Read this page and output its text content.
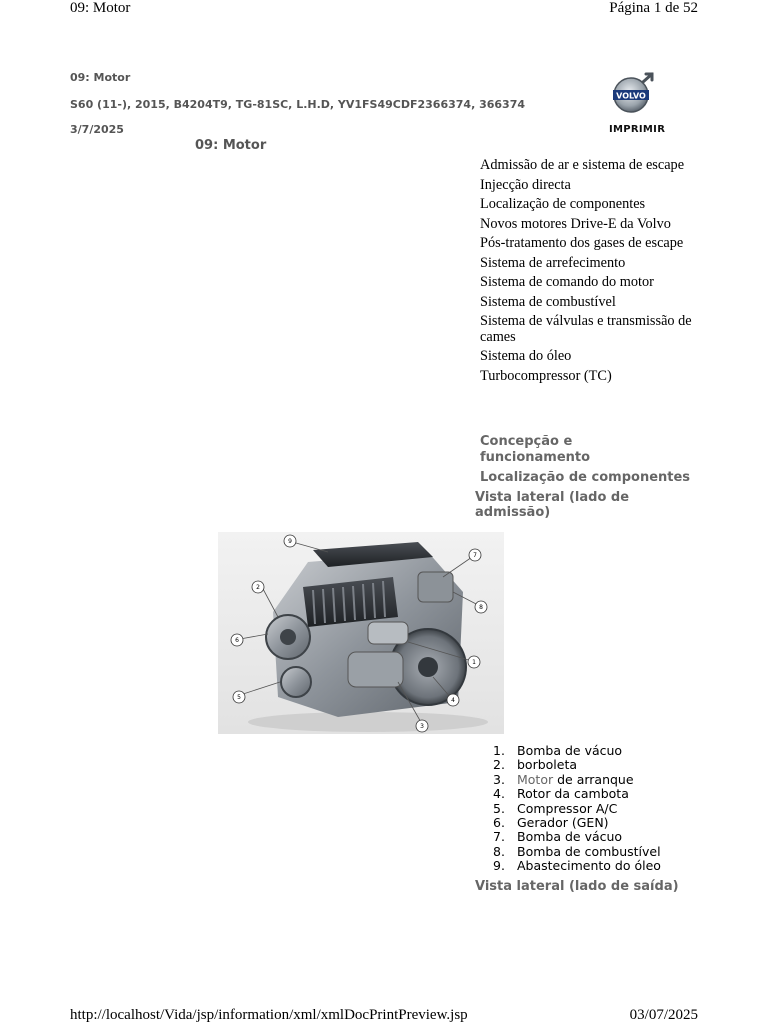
09: Motor	Página 1 de 52
09: Motor
S60 (11-), 2015, B4204T9, TG-81SC, L.H.D, YV1FS49CDF2366374, 366374
3/7/2025
09: Motor
VOLVO
IMPRIMIR
Admissão de ar e sistema de escape
Injecção directa
Localização de componentes
Novos motores Drive-E da Volvo
Pós-tratamento dos gases de escape
Sistema de arrefecimento
Sistema de comando do motor
Sistema de combustível
Sistema de válvulas e transmissão de cames
Sistema do óleo
Turbocompressor (TC)
Concepção e funcionamento
Localização de componentes
Vista lateral (lado de admissão)
9
2
6
5
3
4
1
7
8
1. Bomba de vácuo
2. borboleta
3. Motor de arranque
4. Rotor da cambota
5. Compressor A/C
6. Gerador (GEN)
7. Bomba de vácuo
8. Bomba de combustível
9. Abastecimento do óleo
Vista lateral (lado de saída)
http://localhost/Vida/jsp/information/xml/xmlDocPrintPreview.jsp	03/07/2025
